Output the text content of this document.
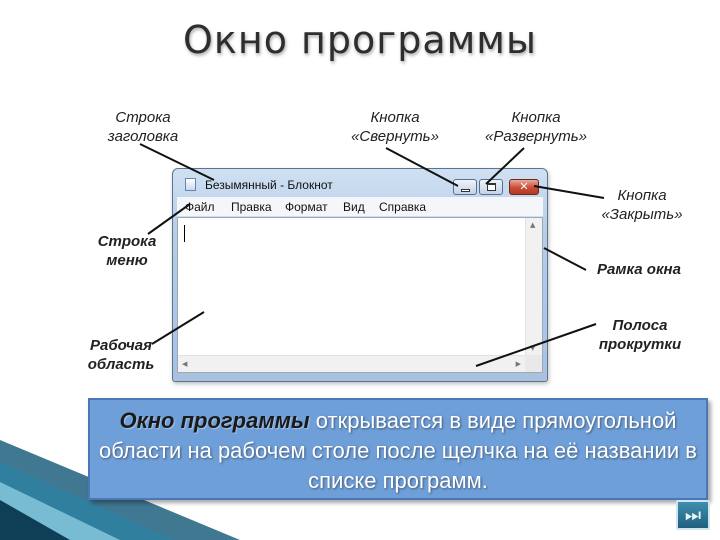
Окно программы
Строка
заголовка
Кнопка
«Свернуть»
Кнопка
«Развернуть»
Кнопка
«Закрыть»
Строка
меню
Рамка окна
Рабочая
область
Полоса
прокрутки
Безымянный - Блокнот	✕
Файл Правка Формат Вид Справка
▲
▼
◀	▶
Окно программы открывается в виде прямоугольной области на рабочем столе после щелчка на её названии в списке программ.
⏭
